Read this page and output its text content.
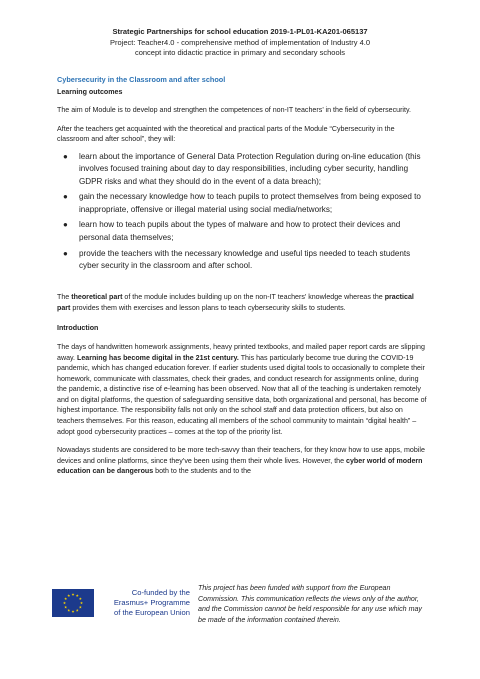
Strategic Partnerships for school education 2019-1-PL01-KA201-065137
Project: Teacher4.0 - comprehensive method of implementation of Industry 4.0
concept into didactic practice in primary and secondary schools
Cybersecurity in the Classroom and after school
Learning outcomes

The aim of Module is to develop and strengthen the competences of non-IT teachers’ in the field of cybersecurity.

After the teachers get acquainted with the theoretical and practical parts of the Module “Cybersecurity in the classroom and after school”, they will:

● learn about the importance of General Data Protection Regulation during on-line education (this involves focused training about day to day responsibilities, including cyber security, handling GDPR risks and what they should do in the event of a data breach);
● gain the necessary knowledge how to teach pupils to protect themselves from being exposed to inappropriate, offensive or illegal material using social media/networks;
● learn how to teach pupils about the types of malware and how to protect their devices and personal data themselves;
● provide the teachers with the necessary knowledge and useful tips needed to teach students cyber security in the classroom and after school.

The theoretical part of the module includes building up on the non-IT teachers’ knowledge whereas the practical part provides them with exercises and lesson plans to teach cybersecurity skills to students.

Introduction

The days of handwritten homework assignments, heavy printed textbooks, and mailed paper report cards are slipping away. Learning has become digital in the 21st century. This has particularly become true during the COVID-19 pandemic, which has changed education forever. If earlier students used digital tools to occasionally to complete their homework, communicate with classmates, check their grades, and conduct research for assignments online, during the pandemic, a distinctive rise of e-learning has been observed. Now that all of the teaching is undertaken remotely and on digital platforms, the question of safeguarding sensitive data, both organizational and personal, has become of highest importance. The responsibility falls not only on the school staff and data protection officers, but also on teachers themselves. For this reason, educating all members of the school community to maintain “digital health” – adopt good cybersecurity practices – comes at the top of the priority list.

Nowadays students are considered to be more tech-savvy than their teachers, for they know how to use apps, mobile devices and online platforms, since they’ve been using them their whole lives. However, the cyber world of modern education can be dangerous both to the students and to the

Co-funded by the
Erasmus+ Programme
of the European Union
This project has been funded with support from the European Commission. This communication reflects the views only of the author, and the Commission cannot be held responsible for any use which may be made of the information contained therein.
